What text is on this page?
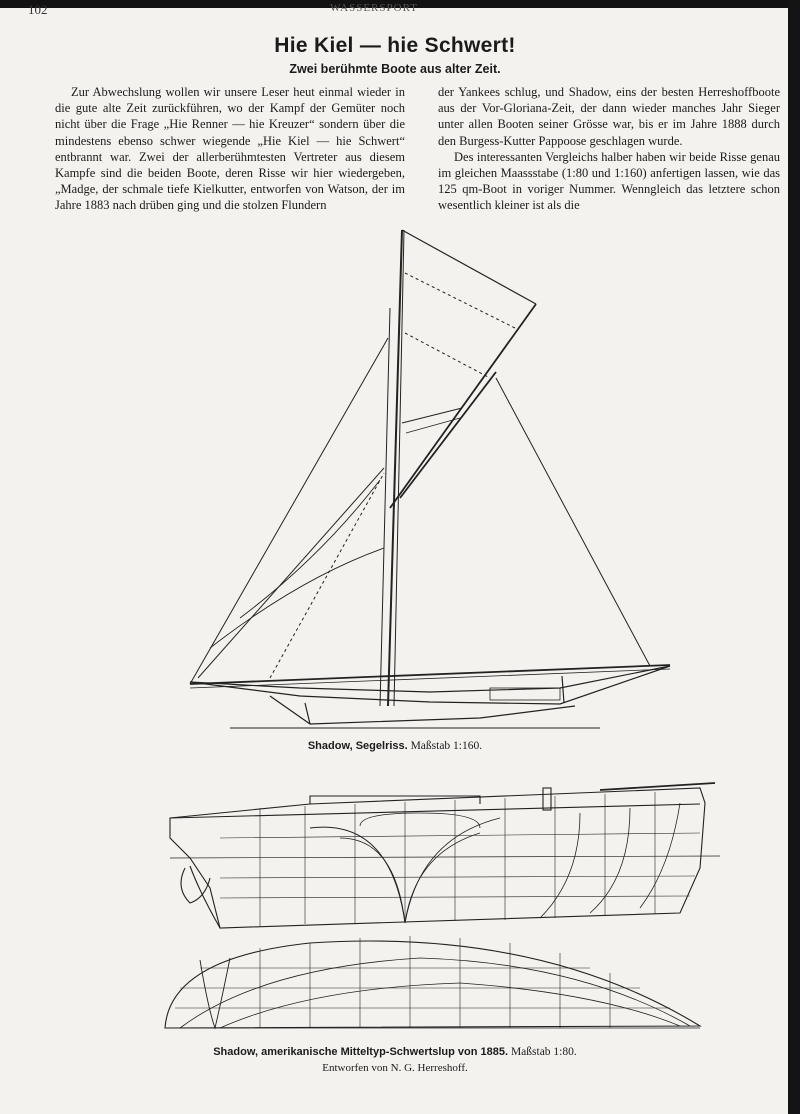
102	WASSERSPORT
Hie Kiel — hie Schwert!
Zwei berühmte Boote aus alter Zeit.

Zur Abwechslung wollen wir unsere Leser heut einmal wieder in die gute alte Zeit zurückführen, wo der Kampf der Gemüter noch nicht über die Frage „Hie Renner — hie Kreuzer“ sondern über die mindestens ebenso schwer wiegende „Hie Kiel — hie Schwert“ entbrannt war. Zwei der allerberühmtesten Vertreter aus diesem Kampfe sind die beiden Boote, deren Risse wir hier wiedergeben, „Madge, der schmale tiefe Kielkutter, entworfen von Watson, der im Jahre 1883 nach drüben ging und die stolzen Flundern

der Yankees schlug, und Shadow, eins der besten Herreshoffboote aus der Vor-Gloriana-Zeit, der dann wieder manches Jahr Sieger unter allen Booten seiner Grösse war, bis er im Jahre 1888 durch den Burgess-Kutter Pappoose geschlagen wurde.

Des interessanten Vergleichs halber haben wir beide Risse genau im gleichen Maassstabe (1:80 und 1:160) anfertigen lassen, wie das 125 qm-Boot in voriger Nummer. Wenngleich das letztere schon wesentlich kleiner ist als die

Shadow, Segelriss. Maßstab 1:160.
Shadow, amerikanische Mitteltyp-Schwertslup von 1885. Maßstab 1:80.
Entworfen von N. G. Herreshoff.
